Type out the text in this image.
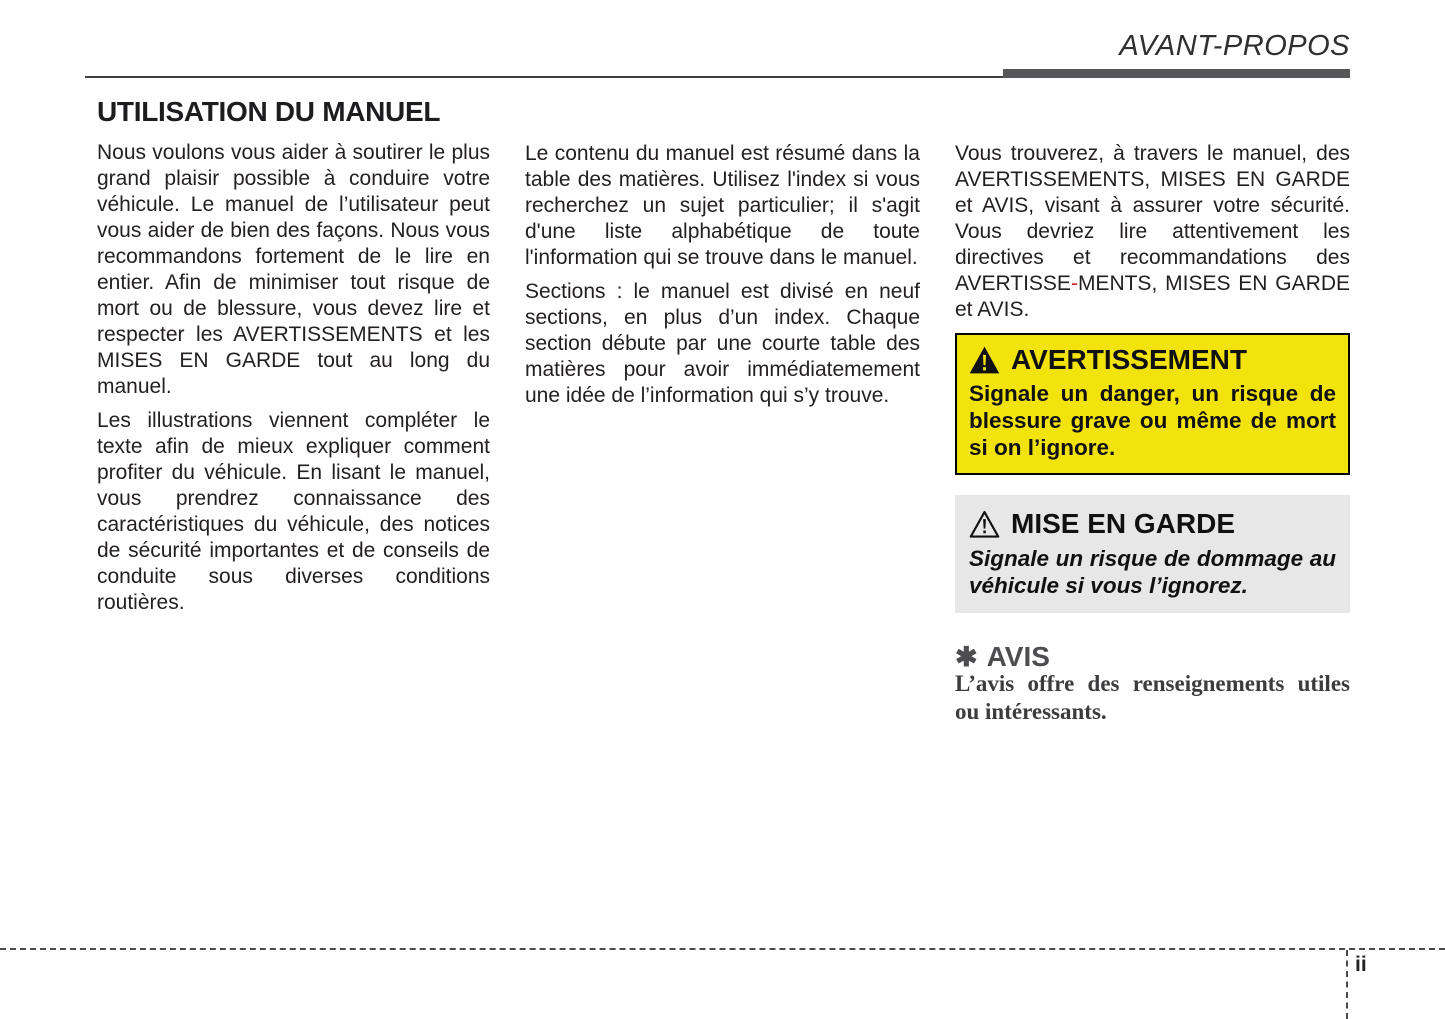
AVANT-PROPOS
UTILISATION DU MANUEL

Nous voulons vous aider à soutirer le plus grand plaisir possible à conduire votre véhicule. Le manuel de l’utilisateur peut vous aider de bien des façons. Nous vous recommandons fortement de le lire en entier. Afin de minimiser tout risque de mort ou de blessure, vous devez lire et respecter les AVERTISSEMENTS et les MISES EN GARDE tout au long du manuel.

Les illustrations viennent compléter le texte afin de mieux expliquer comment profiter du véhicule. En lisant le manuel, vous prendrez connaissance des caractéristiques du véhicule, des notices de sécurité importantes et de conseils de conduite sous diverses conditions routières.

Le contenu du manuel est résumé dans la table des matières. Utilisez l'index si vous recherchez un sujet particulier; il s'agit d'une liste alphabétique de toute l'information qui se trouve dans le manuel.

Sections : le manuel est divisé en neuf sections, en plus d’un index. Chaque section débute par une courte table des matières pour avoir immédiatemement une idée de l’information qui s’y trouve.

Vous trouverez, à travers le manuel, des AVERTISSEMENTS, MISES EN GARDE et AVIS, visant à assurer votre sécurité. Vous devriez lire attentivement les directives et recommandations des AVERTISSE-MENTS, MISES EN GARDE et AVIS.

AVERTISSEMENT

Signale un danger, un risque de blessure grave ou même de mort si on l’ignore.

MISE EN GARDE

Signale un risque de dommage au véhicule si vous l’ignorez.

✱ AVIS

L’avis offre des renseignements utiles ou intéressants.

ii
